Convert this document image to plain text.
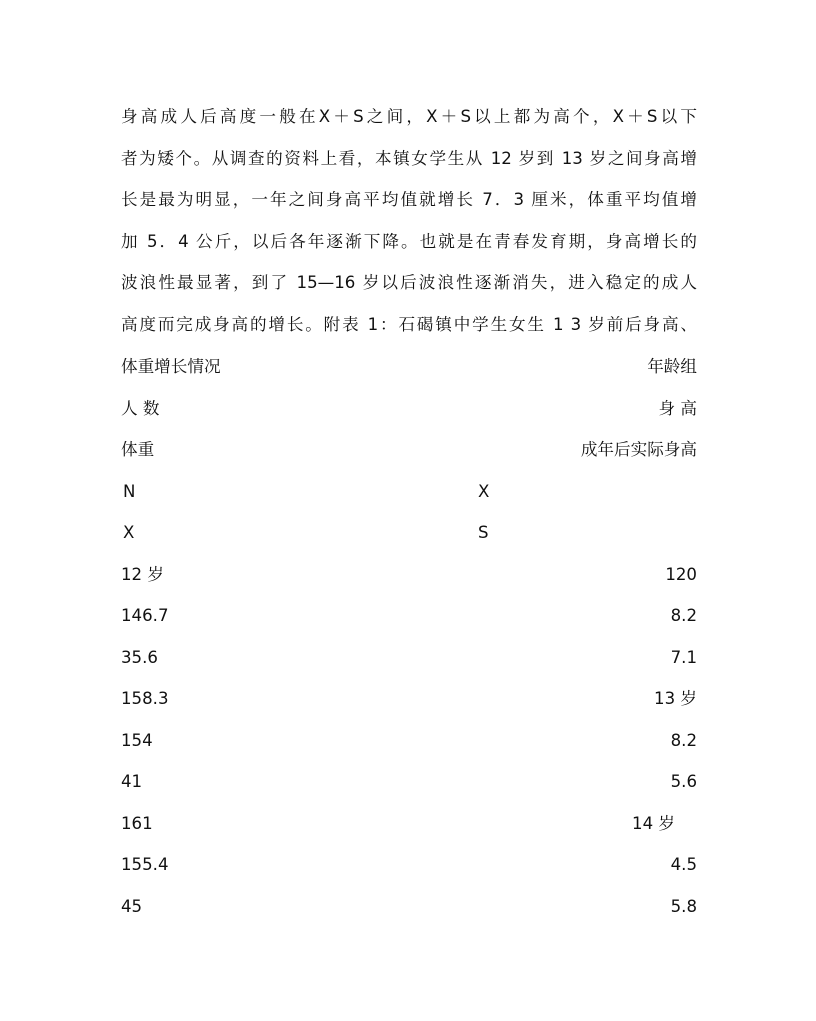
身高成人后高度一般在X＋S之间，X＋S以上都为高个，X＋S以下
者为矮个。从调查的资料上看，本镇女学生从 12 岁到 13 岁之间身高增
长是最为明显，一年之间身高平均值就增长 7．3 厘米，体重平均值增
加 5．4 公斤，以后各年逐渐下降。也就是在青春发育期，身高增长的
波浪性最显著，到了 15—16 岁以后波浪性逐渐消失，进入稳定的成人
高度而完成身高的增长。附表 1：石碣镇中学生女生 1 3 岁前后身高、
体重增长情况	年龄组
人 数	身 高
体重	成年后实际身高
N	X
X	S
12 岁	120
146.7	8.2
35.6	7.1
158.3	13 岁
154	8.2
41	5.6
161	14 岁
155.4	4.5
45	5.8
